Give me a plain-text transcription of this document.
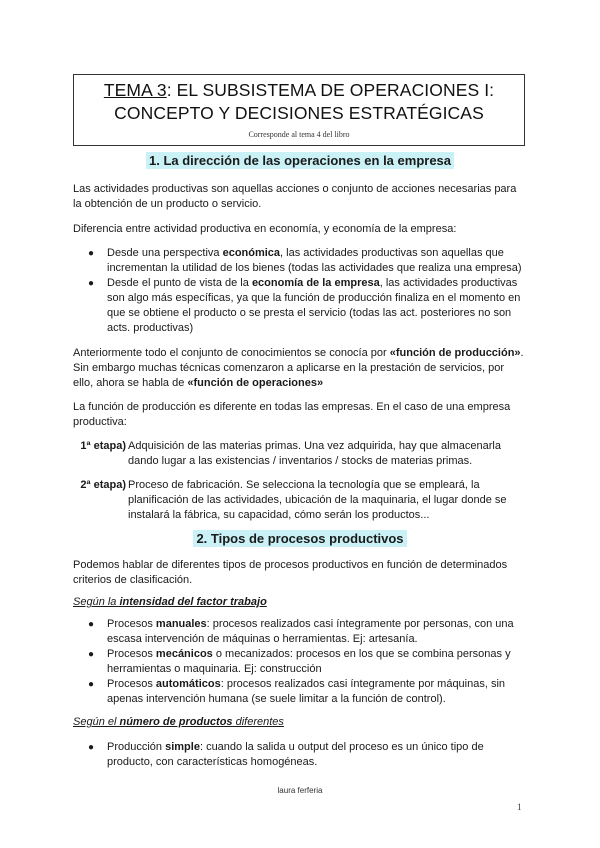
TEMA 3: EL SUBSISTEMA DE OPERACIONES I:
CONCEPTO Y DECISIONES ESTRATÉGICAS
Corresponde al tema 4 del libro
1. La dirección de las operaciones en la empresa
Las actividades productivas son aquellas acciones o conjunto de acciones necesarias para
la obtención de un producto o servicio.
Diferencia entre actividad productiva en economía, y economía de la empresa:
● Desde una perspectiva económica, las actividades productivas son aquellas que
incrementan la utilidad de los bienes (todas las actividades que realiza una empresa)
● Desde el punto de vista de la economía de la empresa, las actividades productivas
son algo más específicas, ya que la función de producción finaliza en el momento en
que se obtiene el producto o se presta el servicio (todas las act. posteriores no son
acts. productivas)
Anteriormente todo el conjunto de conocimientos se conocía por «función de producción».
Sin embargo muchas técnicas comenzaron a aplicarse en la prestación de servicios, por
ello, ahora se habla de «función de operaciones»
La función de producción es diferente en todas las empresas. En el caso de una empresa
productiva:
1ª etapa) Adquisición de las materias primas. Una vez adquirida, hay que almacenarla
dando lugar a las existencias / inventarios / stocks de materias primas.
2ª etapa) Proceso de fabricación. Se selecciona la tecnología que se empleará, la
planificación de las actividades, ubicación de la maquinaria, el lugar donde se
instalará la fábrica, su capacidad, cómo serán los productos...
2. Tipos de procesos productivos
Podemos hablar de diferentes tipos de procesos productivos en función de determinados
criterios de clasificación.
Según la intensidad del factor trabajo
● Procesos manuales: procesos realizados casi íntegramente por personas, con una
escasa intervención de máquinas o herramientas. Ej: artesanía.
● Procesos mecánicos o mecanizados: procesos en los que se combina personas y
herramientas o maquinaria. Ej: construcción
● Procesos automáticos: procesos realizados casi íntegramente por máquinas, sin
apenas intervención humana (se suele limitar a la función de control).
Según el número de productos diferentes
● Producción simple: cuando la salida u output del proceso es un único tipo de
producto, con características homogéneas.
laura ferferia
1
